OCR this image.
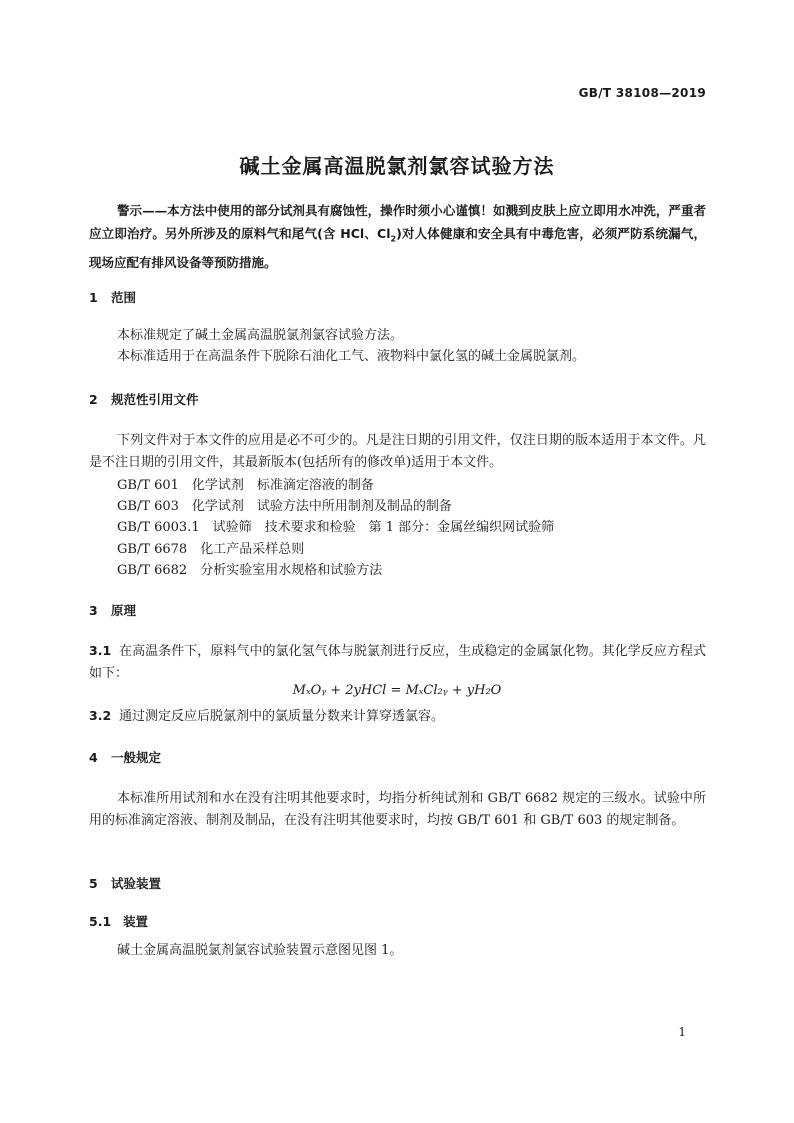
GB/T 38108—2019
碱土金属高温脱氯剂氯容试验方法
警示——本方法中使用的部分试剂具有腐蚀性，操作时须小心谨慎！如溅到皮肤上应立即用水冲洗，严重者应立即治疗。另外所涉及的原料气和尾气(含 HCl、$Cl_2$)对人体健康和安全具有中毒危害，必须严防系统漏气，现场应配有排风设备等预防措施。
1 范围
本标准规定了碱土金属高温脱氯剂氯容试验方法。
本标准适用于在高温条件下脱除石油化工气、液物料中氯化氢的碱土金属脱氯剂。
2 规范性引用文件
下列文件对于本文件的应用是必不可少的。凡是注日期的引用文件，仅注日期的版本适用于本文件。凡是不注日期的引用文件，其最新版本(包括所有的修改单)适用于本文件。
GB/T 601　化学试剂　标准滴定溶液的制备
GB/T 603　化学试剂　试验方法中所用制剂及制品的制备
GB/T 6003.1　试验筛　技术要求和检验　第 1 部分：金属丝编织网试验筛
GB/T 6678　化工产品采样总则
GB/T 6682　分析实验室用水规格和试验方法
3 原理
3.1 在高温条件下，原料气中的氯化氢气体与脱氯剂进行反应，生成稳定的金属氯化物。其化学反应方程式如下：
MₓOᵧ + 2yHCl = MₓCl₂ᵧ + yH₂O
3.2 通过测定反应后脱氯剂中的氯质量分数来计算穿透氯容。
4 一般规定
本标准所用试剂和水在没有注明其他要求时，均指分析纯试剂和 GB/T 6682 规定的三级水。试验中所用的标准滴定溶液、制剂及制品，在没有注明其他要求时，均按 GB/T 601 和 GB/T 603 的规定制备。
5 试验装置
5.1 装置
碱土金属高温脱氯剂氯容试验装置示意图见图 1。
1
